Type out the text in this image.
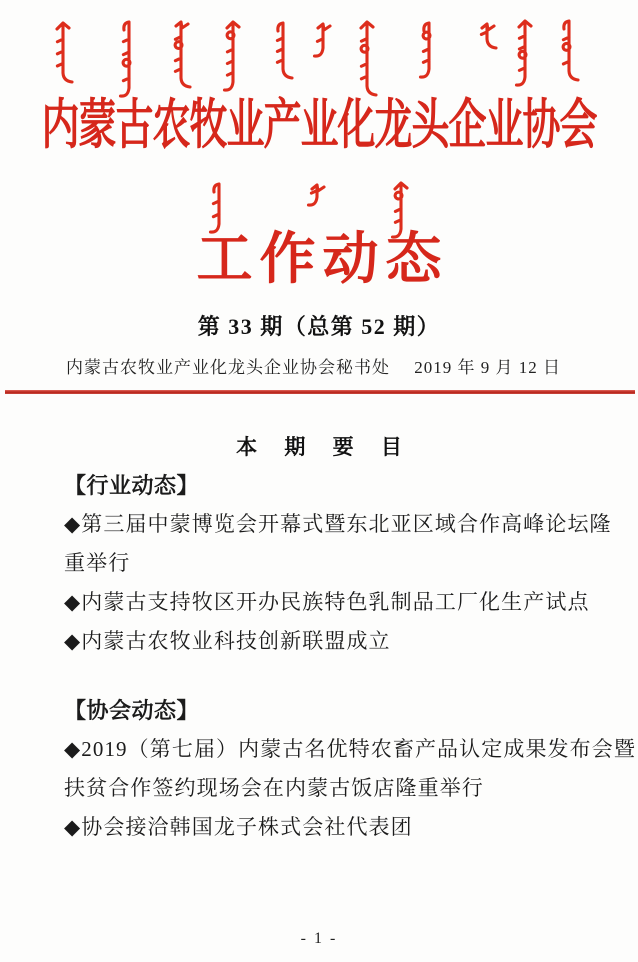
内蒙古农牧业产业化龙头企业协会
工作动态
第 33 期（总第 52 期）
内蒙古农牧业产业化龙头企业协会秘书处 2019 年 9 月 12 日
本 期 要 目
【行业动态】
◆第三届中蒙博览会开幕式暨东北亚区域合作高峰论坛隆
重举行
◆内蒙古支持牧区开办民族特色乳制品工厂化生产试点
◆内蒙古农牧业科技创新联盟成立
【协会动态】
◆2019（第七届）内蒙古名优特农畜产品认定成果发布会暨
扶贫合作签约现场会在内蒙古饭店隆重举行
◆协会接洽韩国龙子株式会社代表团
- 1 -
